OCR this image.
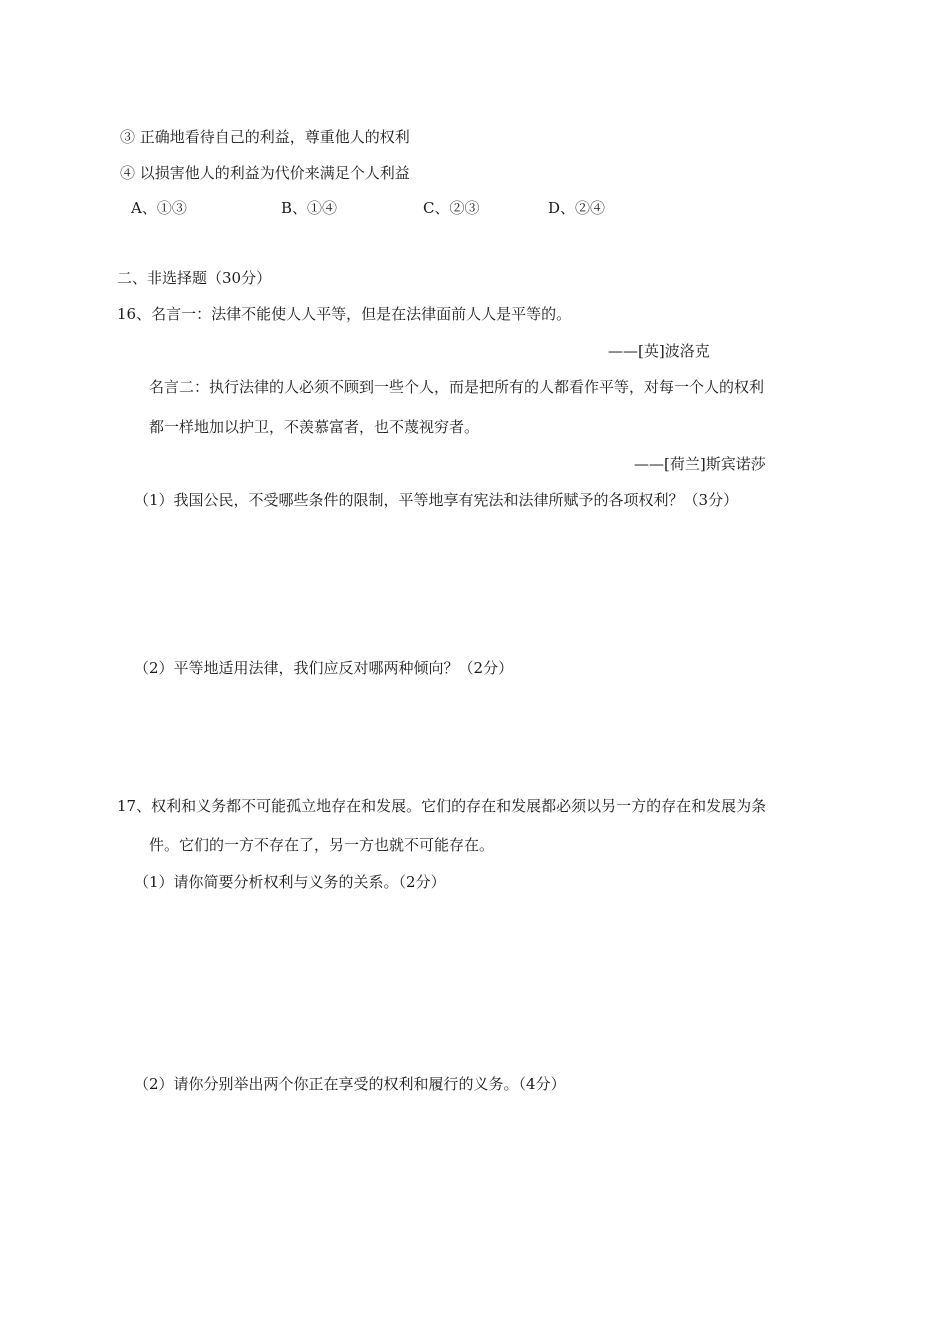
③ 正确地看待自己的利益，尊重他人的权利
④ 以损害他人的利益为代价来满足个人利益
A、①③	B、①④	C、②③	D、②④
二、非选择题（30分）
16、名言一：法律不能使人人平等，但是在法律面前人人是平等的。
——[英]波洛克
名言二：执行法律的人必须不顾到一些个人，而是把所有的人都看作平等，对每一个人的权利
都一样地加以护卫，不羡慕富者，也不蔑视穷者。
——[荷兰]斯宾诺莎
（1）我国公民，不受哪些条件的限制，平等地享有宪法和法律所赋予的各项权利？（3分）
（2）平等地适用法律，我们应反对哪两种倾向？（2分）
17、权利和义务都不可能孤立地存在和发展。它们的存在和发展都必须以另一方的存在和发展为条
件。它们的一方不存在了，另一方也就不可能存在。
（1）请你简要分析权利与义务的关系。（2分）
（2）请你分别举出两个你正在享受的权利和履行的义务。（4分）
